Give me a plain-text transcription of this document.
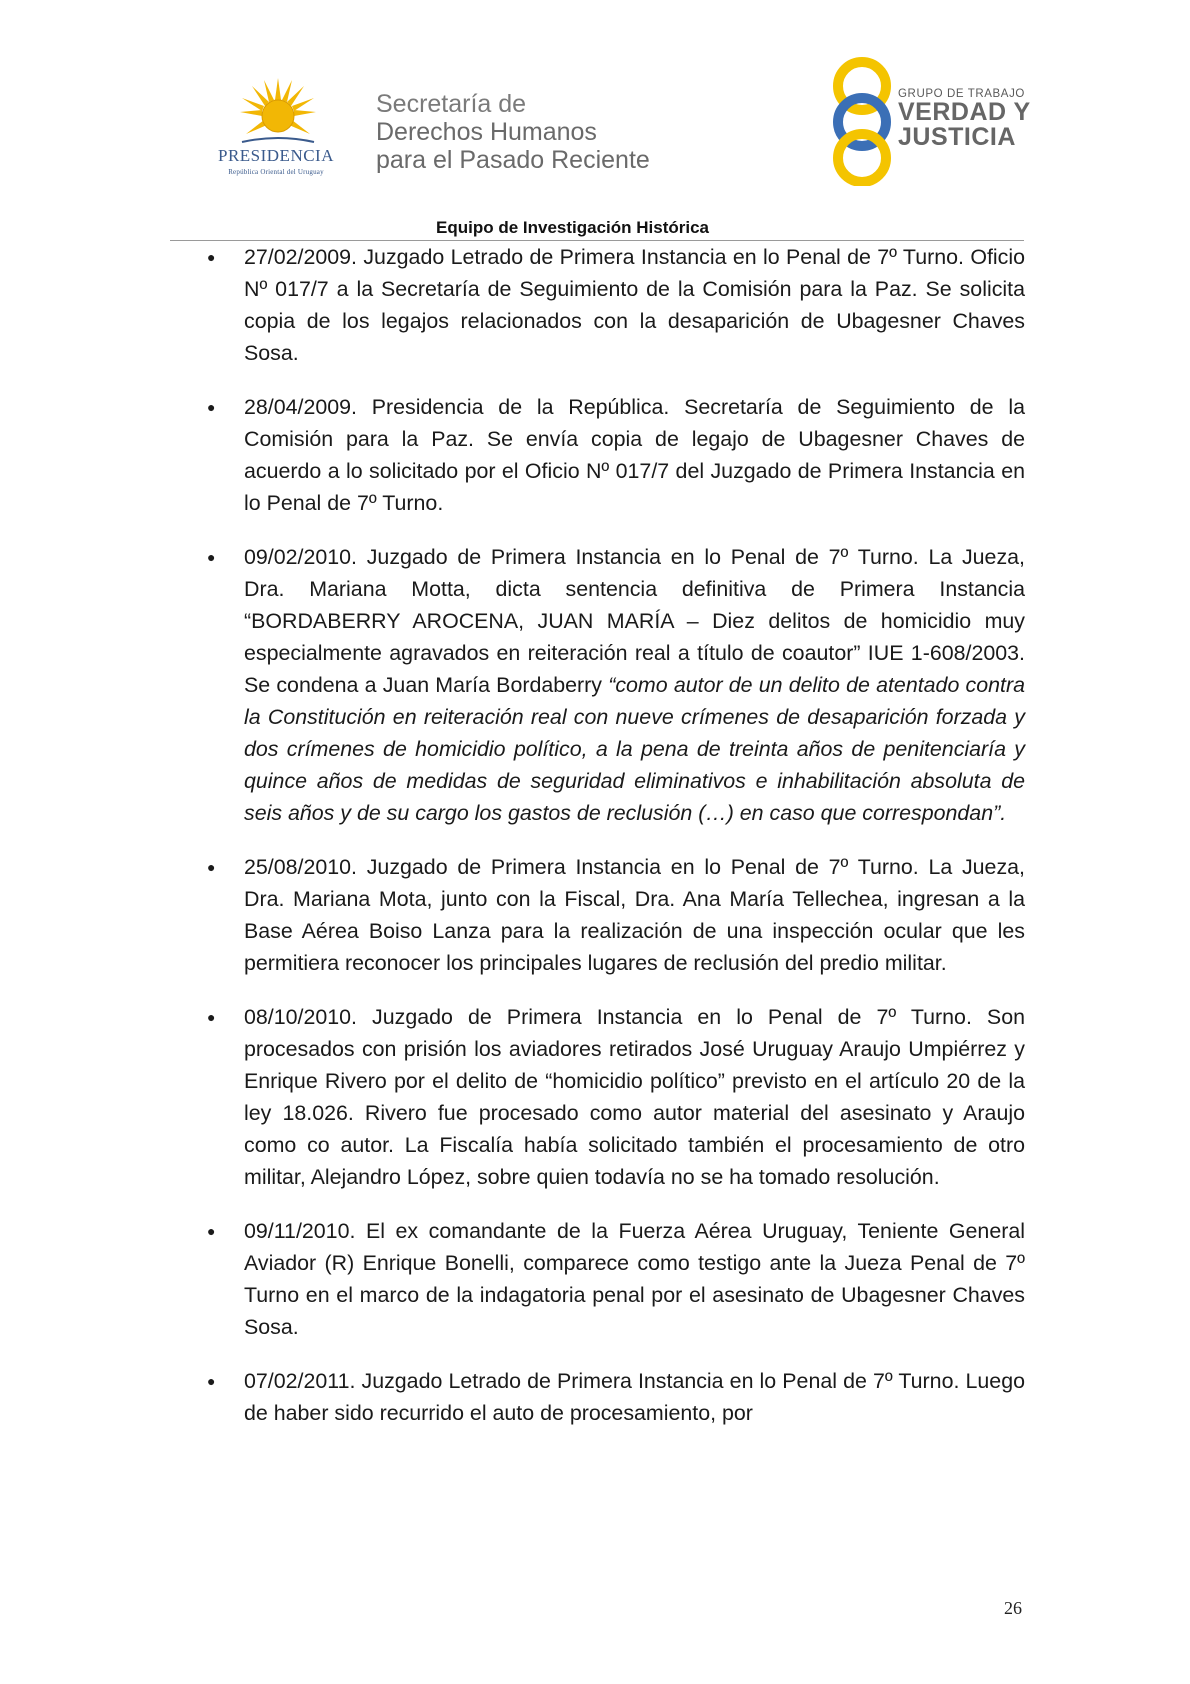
PRESIDENCIA
República Oriental del Uruguay
Secretaría de
Derechos Humanos
para el Pasado Reciente
GRUPO DE TRABAJO
VERDAD Y
JUSTICIA
Equipo de Investigación Histórica
● 27/02/2009. Juzgado Letrado de Primera Instancia en lo Penal de 7º Turno. Oficio Nº 017/7 a la Secretaría de Seguimiento de la Comisión para la Paz. Se solicita copia de los legajos relacionados con la desaparición de Ubagesner Chaves Sosa.

● 28/04/2009. Presidencia de la República. Secretaría de Seguimiento de la Comisión para la Paz. Se envía copia de legajo de Ubagesner Chaves de acuerdo a lo solicitado por el Oficio Nº 017/7 del Juzgado de Primera Instancia en lo Penal de 7º Turno.

● 09/02/2010. Juzgado de Primera Instancia en lo Penal de 7º Turno. La Jueza, Dra. Mariana Motta, dicta sentencia definitiva de Primera Instancia “BORDABERRY AROCENA, JUAN MARÍA – Diez delitos de homicidio muy especialmente agravados en reiteración real a título de coautor” IUE 1-608/2003. Se condena a Juan María Bordaberry “como autor de un delito de atentado contra la Constitución en reiteración real con nueve crímenes de desaparición forzada y dos crímenes de homicidio político, a la pena de treinta años de penitenciaría y quince años de medidas de seguridad eliminativos e inhabilitación absoluta de seis años y de su cargo los gastos de reclusión (…) en caso que correspondan”.

● 25/08/2010. Juzgado de Primera Instancia en lo Penal de 7º Turno. La Jueza, Dra. Mariana Mota, junto con la Fiscal, Dra. Ana María Tellechea, ingresan a la Base Aérea Boiso Lanza para la realización de una inspección ocular que les permitiera reconocer los principales lugares de reclusión del predio militar.

● 08/10/2010. Juzgado de Primera Instancia en lo Penal de 7º Turno. Son procesados con prisión los aviadores retirados José Uruguay Araujo Umpiérrez y Enrique Rivero por el delito de “homicidio político” previsto en el artículo 20 de la ley 18.026. Rivero fue procesado como autor material del asesinato y Araujo como co autor. La Fiscalía había solicitado también el procesamiento de otro militar, Alejandro López, sobre quien todavía no se ha tomado resolución.

● 09/11/2010. El ex comandante de la Fuerza Aérea Uruguay, Teniente General Aviador (R) Enrique Bonelli, comparece como testigo ante la Jueza Penal de 7º Turno en el marco de la indagatoria penal por el asesinato de Ubagesner Chaves Sosa.

● 07/02/2011. Juzgado Letrado de Primera Instancia en lo Penal de 7º Turno. Luego de haber sido recurrido el auto de procesamiento, por

26
